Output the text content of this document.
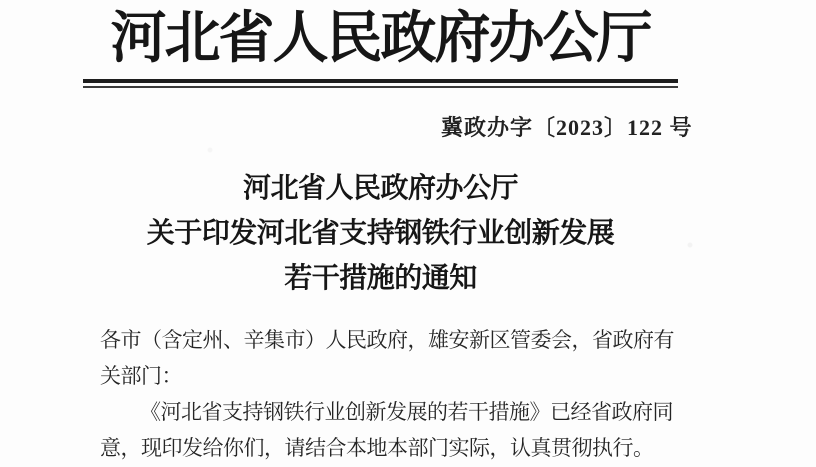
河北省人民政府办公厅
冀政办字〔2023〕122 号
河北省人民政府办公厅
关于印发河北省支持钢铁行业创新发展
若干措施的通知
各市（含定州、辛集市）人民政府，雄安新区管委会，省政府有
关部门：
《河北省支持钢铁行业创新发展的若干措施》已经省政府同
意，现印发给你们，请结合本地本部门实际，认真贯彻执行。
